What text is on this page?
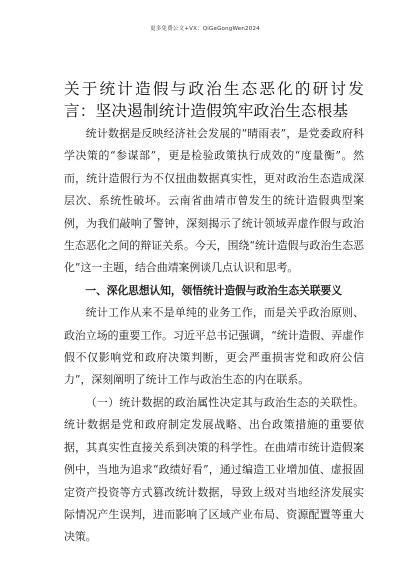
更多免费公文+VX：QiGeGongWen2024
关于统计造假与政治生态恶化的研讨发言：坚决遏制统计造假筑牢政治生态根基

统计数据是反映经济社会发展的“晴雨表”，是党委政府科学决策的“参谋部”，更是检验政策执行成效的“度量衡”。然而，统计造假行为不仅扭曲数据真实性，更对政治生态造成深层次、系统性破坏。云南省曲靖市曾发生的统计造假典型案例，为我们敲响了警钟，深刻揭示了统计领域弄虚作假与政治生态恶化之间的辩证关系。今天，围绕“统计造假与政治生态恶化”这一主题，结合曲靖案例谈几点认识和思考。

一、深化思想认知，领悟统计造假与政治生态关联要义

统计工作从来不是单纯的业务工作，而是关乎政治原则、政治立场的重要工作。习近平总书记强调，“统计造假、弄虚作假不仅影响党和政府决策判断，更会严重损害党和政府公信力”，深刻阐明了统计工作与政治生态的内在联系。

（一）统计数据的政治属性决定其与政治生态的关联性。统计数据是党和政府制定发展战略、出台政策措施的重要依据，其真实性直接关系到决策的科学性。在曲靖市统计造假案例中，当地为追求“政绩好看”，通过编造工业增加值、虚报固定资产投资等方式篡改统计数据，导致上级对当地经济发展实际情况产生误判，进而影响了区域产业布局、资源配置等重大决策。
